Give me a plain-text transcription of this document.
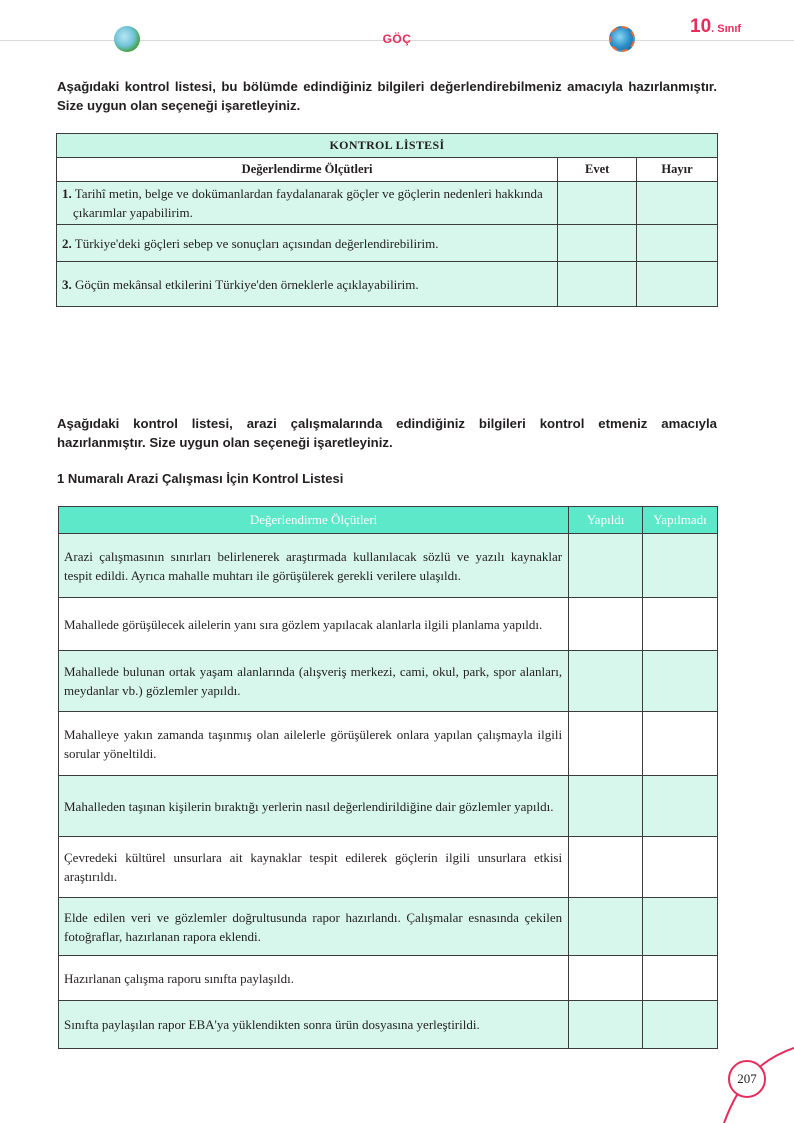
GÖÇ
10. Sınıf

Aşağıdaki kontrol listesi, bu bölümde edindiğiniz bilgileri değerlendirebilmeniz amacıyla hazırlanmıştır. Size uygun olan seçeneği işaretleyiniz.

KONTROL LİSTESİ		
Değerlendirme Ölçütleri	Evet	Hayır
1. Tarihî metin, belge ve dokümanlardan faydalanarak göçler ve göçlerin nedenleri hakkında çıkarımlar yapabilirim.		
2. Türkiye'deki göçleri sebep ve sonuçları açısından değerlendirebilirim.		
3. Göçün mekânsal etkilerini Türkiye'den örneklerle açıklayabilirim.		

Aşağıdaki kontrol listesi, arazi çalışmalarında edindiğiniz bilgileri kontrol etmeniz amacıyla hazırlanmıştır. Size uygun olan seçeneği işaretleyiniz.

1 Numaralı Arazi Çalışması İçin Kontrol Listesi
Değerlendirme Ölçütleri	Yapıldı	Yapılmadı
Arazi çalışmasının sınırları belirlenerek araştırmada kullanılacak sözlü ve yazılı kaynaklar tespit edildi. Ayrıca mahalle muhtarı ile görüşülerek gerekli verilere ulaşıldı.		
Mahallede görüşülecek ailelerin yanı sıra gözlem yapılacak alanlarla ilgili planlama yapıldı.		
Mahallede bulunan ortak yaşam alanlarında (alışveriş merkezi, cami, okul, park, spor alanları, meydanlar vb.) gözlemler yapıldı.		
Mahalleye yakın zamanda taşınmış olan ailelerle görüşülerek onlara yapılan çalışmayla ilgili sorular yöneltildi.		
Mahalleden taşınan kişilerin bıraktığı yerlerin nasıl değerlendirildiğine dair gözlemler yapıldı.		
Çevredeki kültürel unsurlara ait kaynaklar tespit edilerek göçlerin ilgili unsurlara etkisi araştırıldı.		
Elde edilen veri ve gözlemler doğrultusunda rapor hazırlandı. Çalışmalar esnasında çekilen fotoğraflar, hazırlanan rapora eklendi.		
Hazırlanan çalışma raporu sınıfta paylaşıldı.		
Sınıfta paylaşılan rapor EBA'ya yüklendikten sonra ürün dosyasına yerleştirildi.		
207
